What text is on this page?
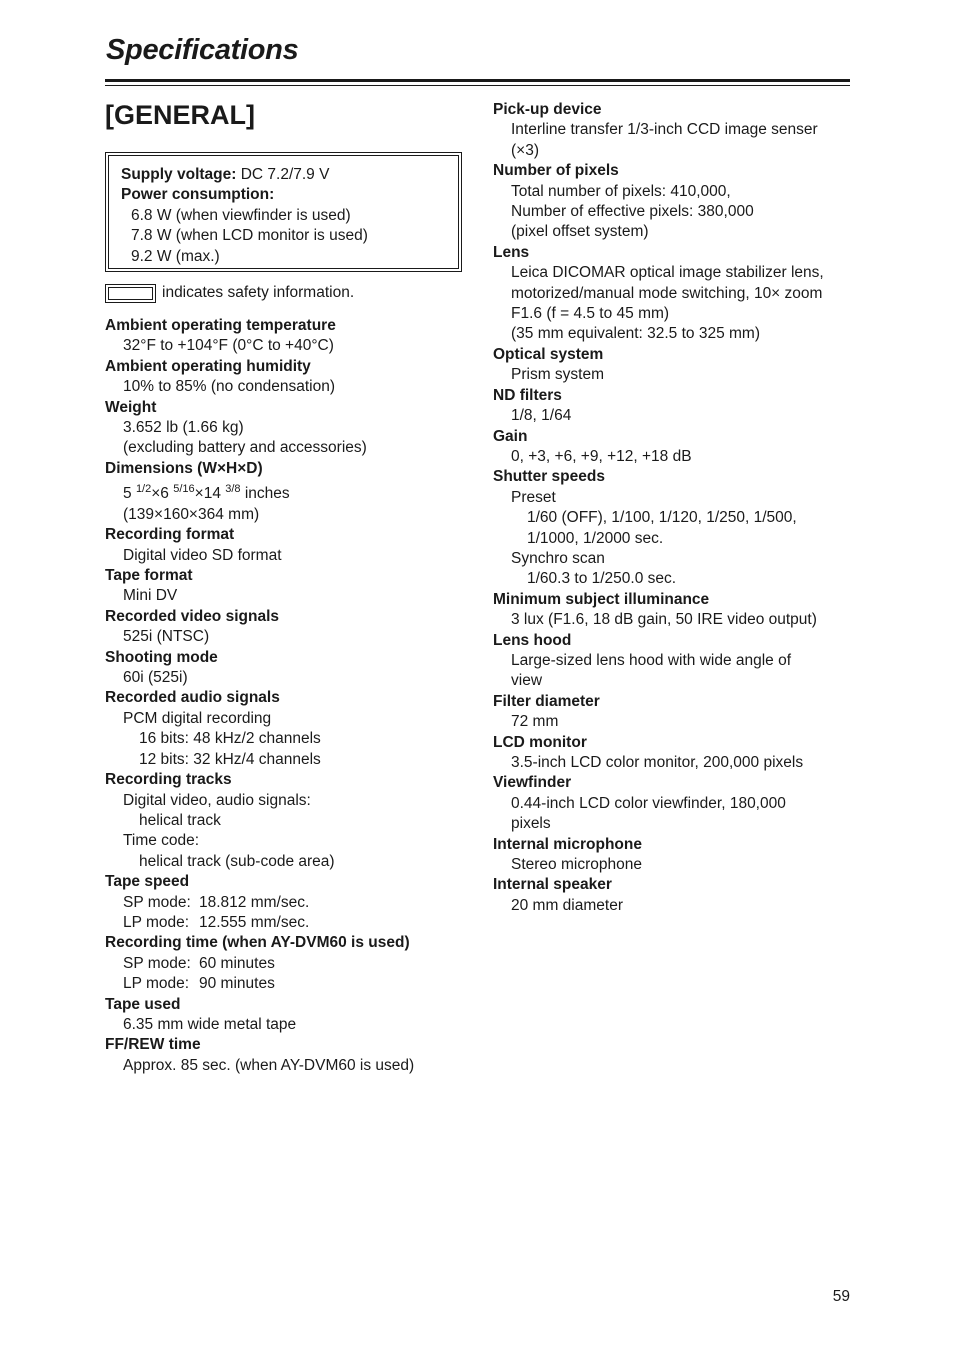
Specifications
[GENERAL]
Supply voltage: DC 7.2/7.9 V
Power consumption:
6.8 W (when viewfinder is used)
7.8 W (when LCD monitor is used)
9.2 W (max.)
indicates safety information.
Ambient operating temperature
32°F to +104°F (0°C to +40°C)
Ambient operating humidity
10% to 85% (no condensation)
Weight
3.652 lb (1.66 kg)
(excluding battery and accessories)
Dimensions (W×H×D)
5 $^{1/2}$×6 $^{5/16}$×14 $^{3/8}$ inches
(139×160×364 mm)
Recording format
Digital video SD format
Tape format
Mini DV
Recorded video signals
525i (NTSC)
Shooting mode
60i (525i)
Recorded audio signals
PCM digital recording
16 bits: 48 kHz/2 channels
12 bits: 32 kHz/4 channels
Recording tracks
Digital video, audio signals:
helical track
Time code:
helical track (sub-code area)
Tape speed
SP mode: 18.812 mm/sec.
LP mode: 12.555 mm/sec.
Recording time (when AY-DVM60 is used)
SP mode: 60 minutes
LP mode: 90 minutes
Tape used
6.35 mm wide metal tape
FF/REW time
Approx. 85 sec. (when AY-DVM60 is used)
Pick-up device
Interline transfer 1/3-inch CCD image senser
(×3)
Number of pixels
Total number of pixels: 410,000,
Number of effective pixels: 380,000
(pixel offset system)
Lens
Leica DICOMAR optical image stabilizer lens,
motorized/manual mode switching, 10× zoom
F1.6 (f = 4.5 to 45 mm)
(35 mm equivalent: 32.5 to 325 mm)
Optical system
Prism system
ND filters
1/8, 1/64
Gain
0, +3, +6, +9, +12, +18 dB
Shutter speeds
Preset
1/60 (OFF), 1/100, 1/120, 1/250, 1/500,
1/1000, 1/2000 sec.
Synchro scan
1/60.3 to 1/250.0 sec.
Minimum subject illuminance
3 lux (F1.6, 18 dB gain, 50 IRE video output)
Lens hood
Large-sized lens hood with wide angle of
view
Filter diameter
72 mm
LCD monitor
3.5-inch LCD color monitor, 200,000 pixels
Viewfinder
0.44-inch LCD color viewfinder, 180,000
pixels
Internal microphone
Stereo microphone
Internal speaker
20 mm diameter
59
